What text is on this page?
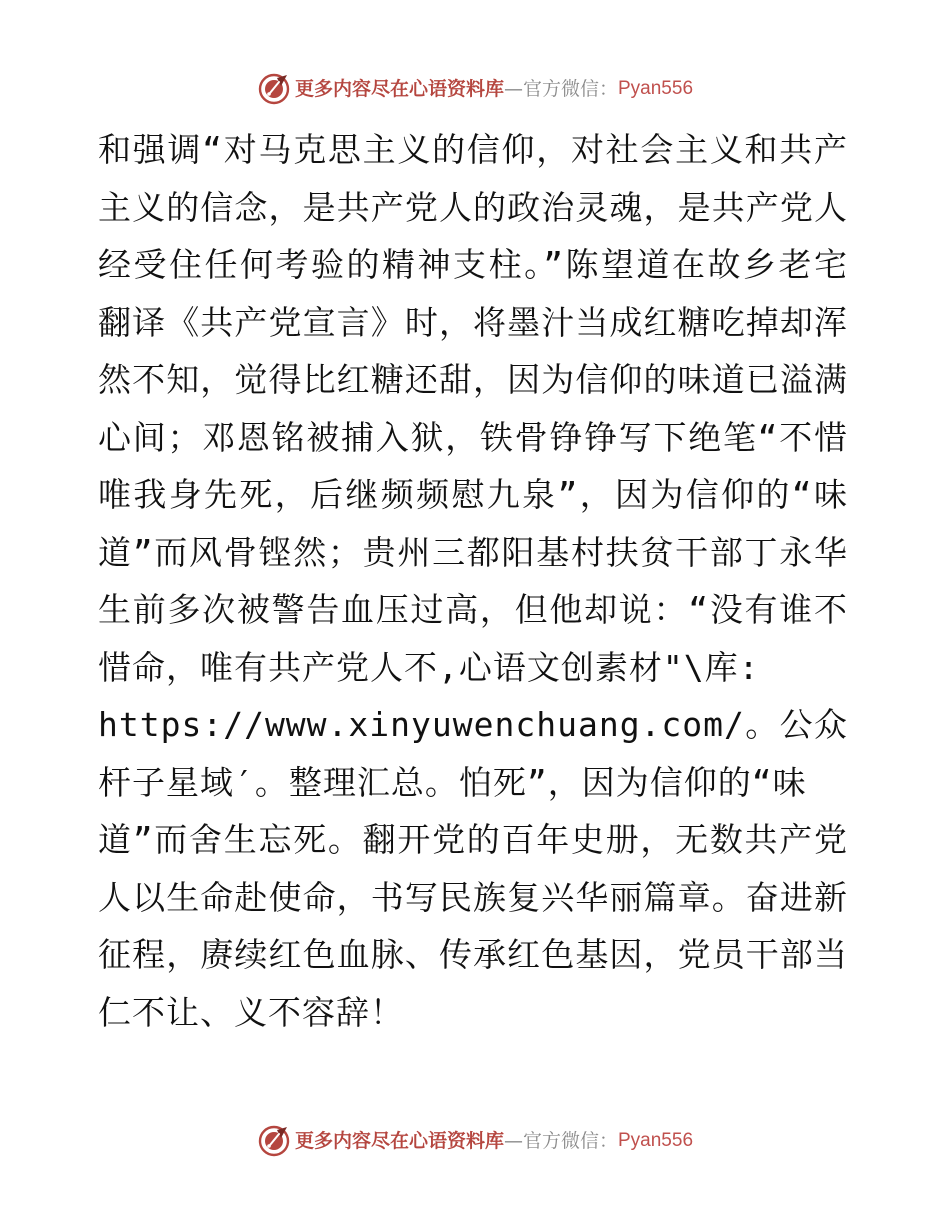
更多内容尽在心语资料库 — 官方微信： Pyan556
和强调“对马克思主义的信仰，对社会主义和共产
主义的信念，是共产党人的政治灵魂，是共产党人
经受住任何考验的精神支柱。”陈望道在故乡老宅
翻译《共产党宣言》时，将墨汁当成红糖吃掉却浑
然不知，觉得比红糖还甜，因为信仰的味道已溢满
心间；邓恩铭被捕入狱，铁骨铮铮写下绝笔“不惜
唯我身先死，后继频频慰九泉”，因为信仰的“味
道”而风骨铿然；贵州三都阳基村扶贫干部丁永华
生前多次被警告血压过高，但他却说：“没有谁不
惜命，唯有共产党人不,心语文创素材"\库:
https://www.xinyuwenchuang.com/。公众
杆子星域′。整理汇总。怕死”，因为信仰的“味
道”而舍生忘死。翻开党的百年史册，无数共产党
人以生命赴使命，书写民族复兴华丽篇章。奋进新
征程，赓续红色血脉、传承红色基因，党员干部当
仁不让、义不容辞！
更多内容尽在心语资料库 — 官方微信： Pyan556
